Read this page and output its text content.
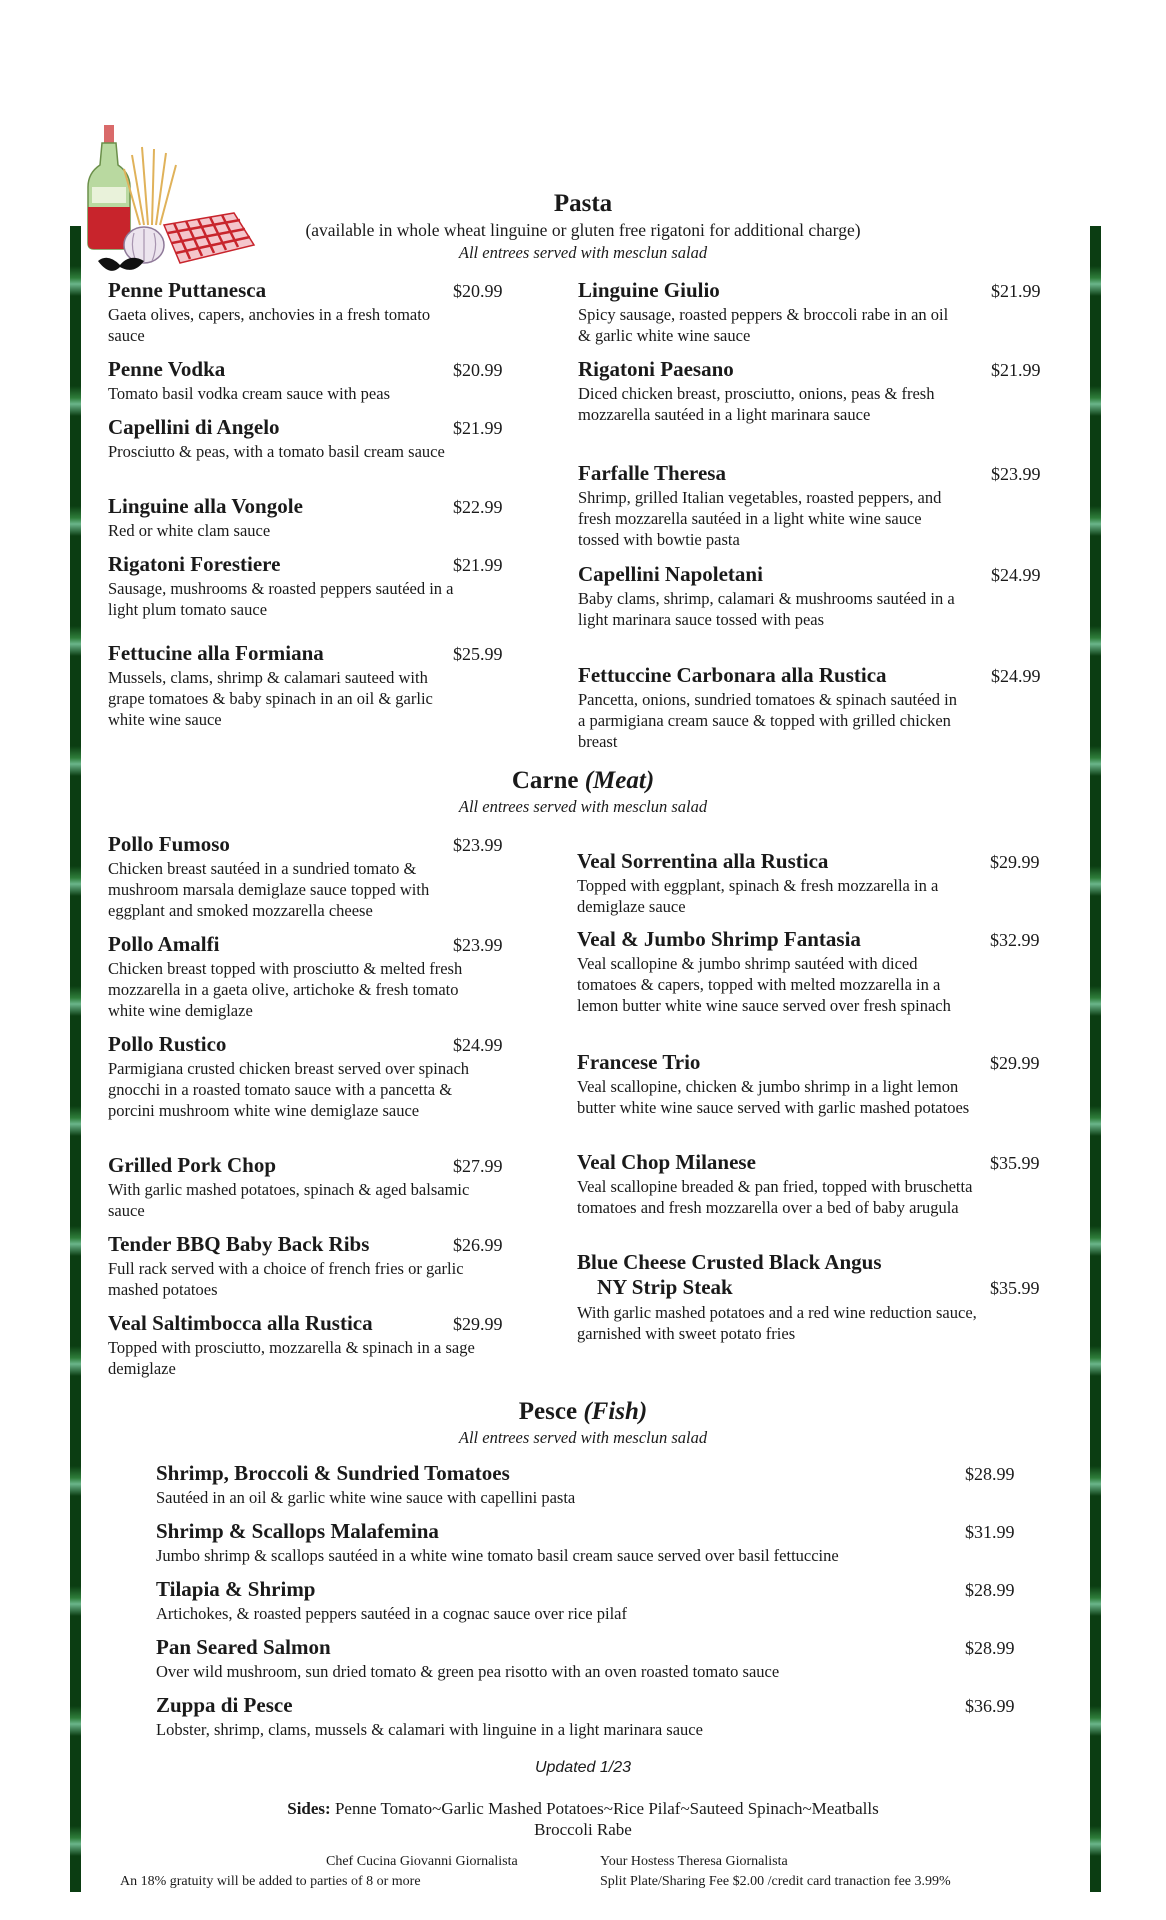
Pasta
(available in whole wheat linguine or gluten free rigatoni for additional charge)
All entrees served with mesclun salad
Penne Puttanesca
Gaeta olives, capers, anchovies in a fresh tomato sauce
$20.99
Penne Vodka
Tomato basil vodka cream sauce with peas
$20.99
Capellini di Angelo
Prosciutto & peas, with a tomato basil cream sauce
$21.99
Linguine alla Vongole
Red or white clam sauce
$22.99
Rigatoni Forestiere
Sausage, mushrooms & roasted peppers sautéed in a light plum tomato sauce
$21.99
Fettucine alla Formiana
Mussels, clams, shrimp & calamari sauteed with grape tomatoes & baby spinach in an oil & garlic white wine sauce
$25.99
Linguine Giulio
Spicy sausage, roasted peppers & broccoli rabe in an oil & garlic white wine sauce
$21.99
Rigatoni Paesano
Diced chicken breast, prosciutto, onions, peas & fresh mozzarella sautéed in a light marinara sauce
$21.99
Farfalle Theresa
Shrimp, grilled Italian vegetables, roasted peppers, and fresh mozzarella sautéed in a light white wine sauce tossed with bowtie pasta
$23.99
Capellini Napoletani
Baby clams, shrimp, calamari & mushrooms sautéed in a light marinara sauce tossed with peas
$24.99
Fettuccine Carbonara alla Rustica
Pancetta, onions, sundried tomatoes & spinach sautéed in a parmigiana cream sauce & topped with grilled chicken breast
$24.99
Carne (Meat)
All entrees served with mesclun salad
Pollo Fumoso
Chicken breast sautéed in a sundried tomato & mushroom marsala demiglaze sauce topped with eggplant and smoked mozzarella cheese
$23.99
Pollo Amalfi
Chicken breast topped with prosciutto & melted fresh mozzarella in a gaeta olive, artichoke & fresh tomato white wine demiglaze
$23.99
Pollo Rustico
Parmigiana crusted chicken breast served over spinach gnocchi in a roasted tomato sauce with a pancetta & porcini mushroom white wine demiglaze sauce
$24.99
Grilled Pork Chop
With garlic mashed potatoes, spinach & aged balsamic sauce
$27.99
Tender BBQ Baby Back Ribs
Full rack served with a choice of french fries or garlic mashed potatoes
$26.99
Veal Saltimbocca alla Rustica
Topped with prosciutto, mozzarella & spinach in a sage demiglaze
$29.99
Veal Sorrentina alla Rustica
Topped with eggplant, spinach & fresh mozzarella in a demiglaze sauce
$29.99
Veal & Jumbo Shrimp Fantasia
Veal scallopine & jumbo shrimp sautéed with diced tomatoes & capers, topped with melted mozzarella in a lemon butter white wine sauce served over fresh spinach
$32.99
Francese Trio
Veal scallopine, chicken & jumbo shrimp in a light lemon butter white wine sauce served with garlic mashed potatoes
$29.99
Veal Chop Milanese
Veal scallopine breaded & pan fried, topped with bruschetta tomatoes and fresh mozzarella over a bed of baby arugula
$35.99
Blue Cheese Crusted Black Angus
NY Strip Steak
With garlic mashed potatoes and a red wine reduction sauce, garnished with sweet potato fries
$35.99
Pesce (Fish)
All entrees served with mesclun salad
Shrimp, Broccoli & Sundried Tomatoes
Sautéed in an oil & garlic white wine sauce with capellini pasta
$28.99
Shrimp & Scallops Malafemina
Jumbo shrimp & scallops sautéed in a white wine tomato basil cream sauce served over basil fettuccine
$31.99
Tilapia & Shrimp
Artichokes, & roasted peppers sautéed in a cognac sauce over rice pilaf
$28.99
Pan Seared Salmon
Over wild mushroom, sun dried tomato & green pea risotto with an oven roasted tomato sauce
$28.99
Zuppa di Pesce
Lobster, shrimp, clams, mussels & calamari with linguine in a light marinara sauce
$36.99
Updated 1/23
Sides: Penne Tomato~Garlic Mashed Potatoes~Rice Pilaf~Sauteed Spinach~Meatballs
Broccoli Rabe
Chef Cucina Giovanni Giornalista
An 18% gratuity will be added to parties of 8 or more
Your Hostess Theresa Giornalista
Split Plate/Sharing Fee $2.00 /credit card tranaction fee 3.99%
